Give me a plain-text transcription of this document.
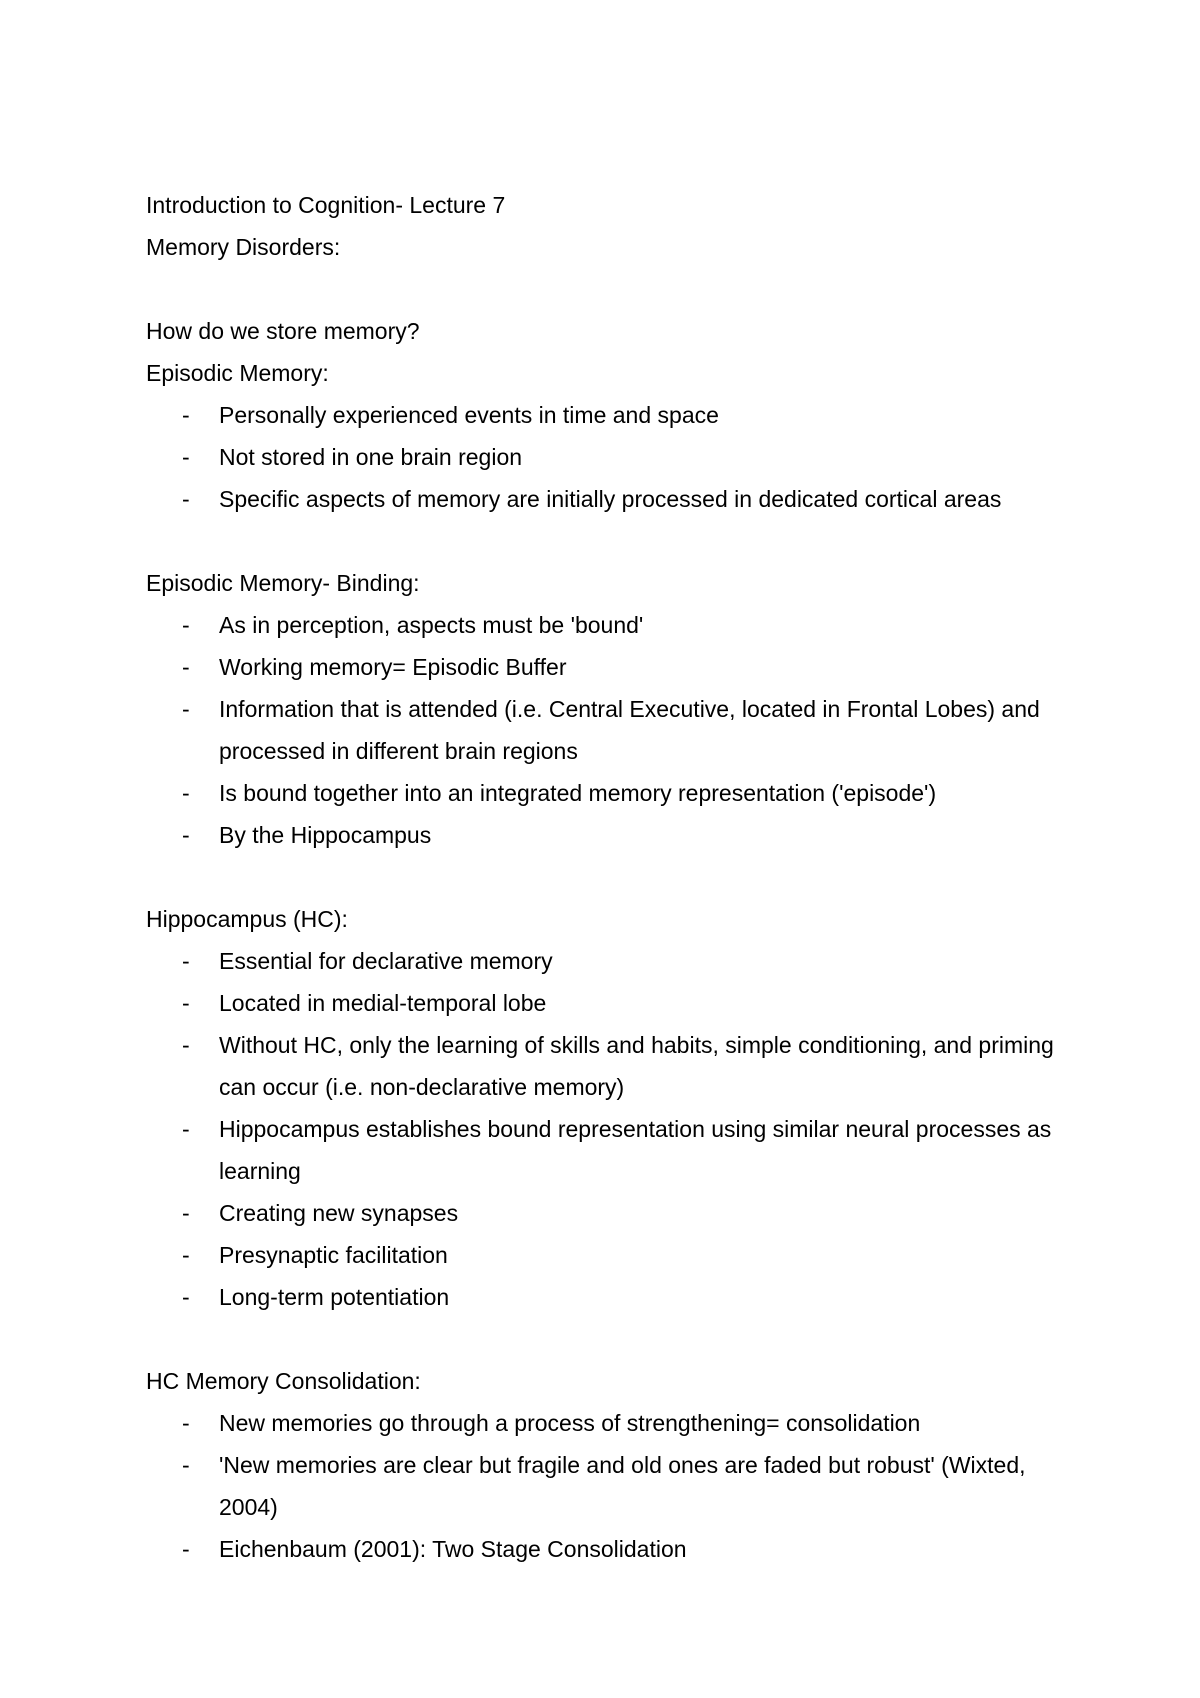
Introduction to Cognition- Lecture 7

Memory Disorders:

How do we store memory?

Episodic Memory:

- Personally experienced events in time and space
- Not stored in one brain region
- Specific aspects of memory are initially processed in dedicated cortical areas

Episodic Memory- Binding:

- As in perception, aspects must be 'bound'
- Working memory= Episodic Buffer
- Information that is attended (i.e. Central Executive, located in Frontal Lobes) and processed in different brain regions
- Is bound together into an integrated memory representation ('episode')
- By the Hippocampus

Hippocampus (HC):

- Essential for declarative memory
- Located in medial-temporal lobe
- Without HC, only the learning of skills and habits, simple conditioning, and priming can occur (i.e. non-declarative memory)
- Hippocampus establishes bound representation using similar neural processes as learning
- Creating new synapses
- Presynaptic facilitation
- Long-term potentiation

HC Memory Consolidation:

- New memories go through a process of strengthening= consolidation
- 'New memories are clear but fragile and old ones are faded but robust' (Wixted, 2004)
- Eichenbaum (2001): Two Stage Consolidation
